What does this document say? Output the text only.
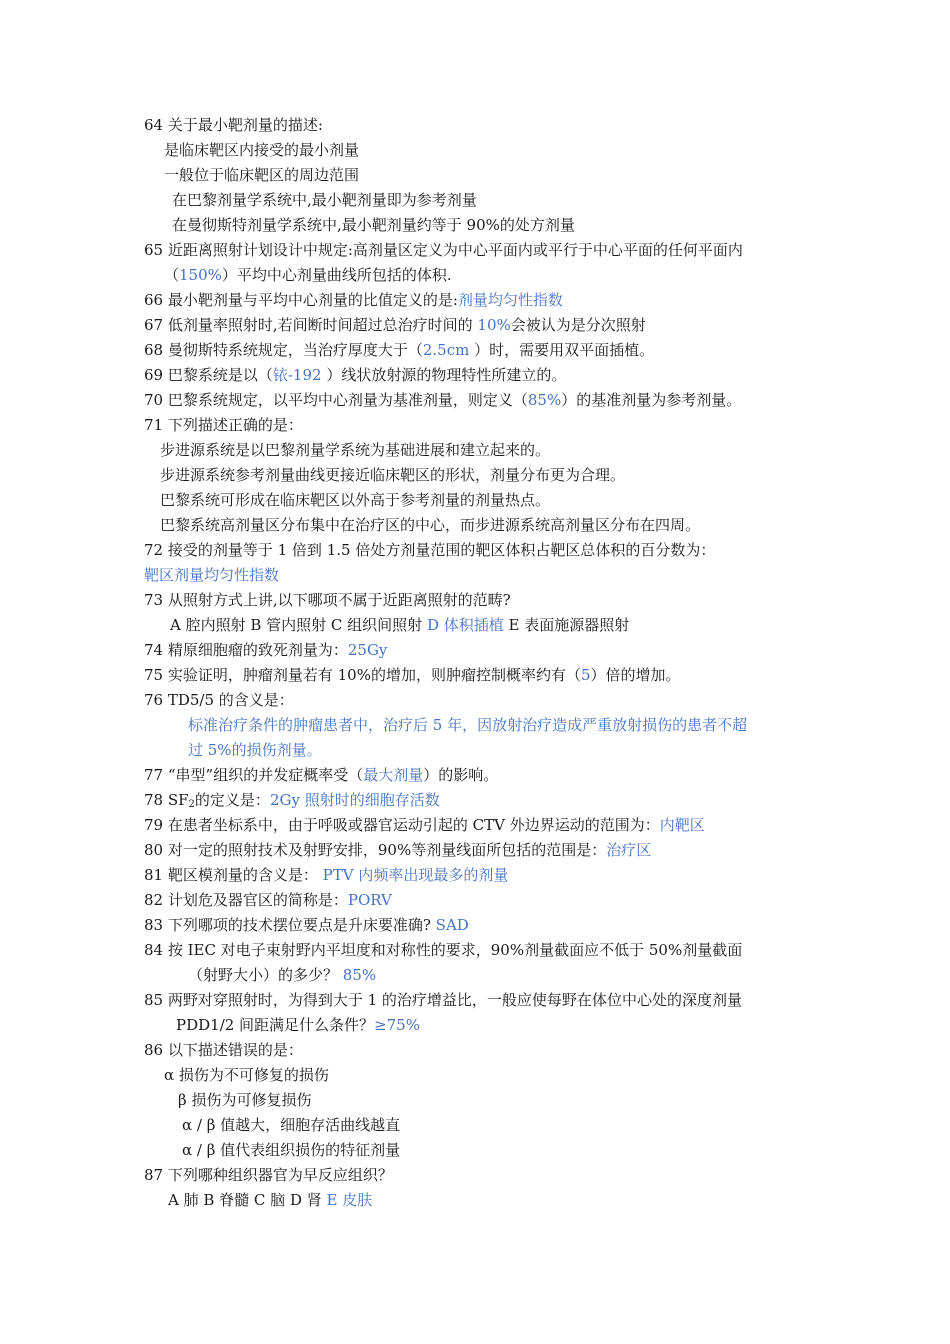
64 关于最小靶剂量的描述:
是临床靶区内接受的最小剂量
一般位于临床靶区的周边范围
在巴黎剂量学系统中,最小靶剂量即为参考剂量
在曼彻斯特剂量学系统中,最小靶剂量约等于 90%的处方剂量
65 近距离照射计划设计中规定:高剂量区定义为中心平面内或平行于中心平面的任何平面内
（150%）平均中心剂量曲线所包括的体积.
66 最小靶剂量与平均中心剂量的比值定义的是:剂量均匀性指数
67 低剂量率照射时,若间断时间超过总治疗时间的 10%会被认为是分次照射
68 曼彻斯特系统规定，当治疗厚度大于（2.5cm ）时，需要用双平面插植。
69 巴黎系统是以（铱-192 ）线状放射源的物理特性所建立的。
70 巴黎系统规定，以平均中心剂量为基准剂量，则定义（85%）的基准剂量为参考剂量。
71 下列描述正确的是：
步进源系统是以巴黎剂量学系统为基础进展和建立起来的。
步进源系统参考剂量曲线更接近临床靶区的形状，剂量分布更为合理。
巴黎系统可形成在临床靶区以外高于参考剂量的剂量热点。
巴黎系统高剂量区分布集中在治疗区的中心，而步进源系统高剂量区分布在四周。
72 接受的剂量等于 1 倍到 1.5 倍处方剂量范围的靶区体积占靶区总体积的百分数为：
靶区剂量均匀性指数
73 从照射方式上讲,以下哪项不属于近距离照射的范畴?
A 腔内照射 B 管内照射 C 组织间照射 D 体积插植 E 表面施源器照射
74 精原细胞瘤的致死剂量为：25Gy
75 实验证明，肿瘤剂量若有 10%的增加，则肿瘤控制概率约有（5）倍的增加。
76 TD5/5 的含义是：
标准治疗条件的肿瘤患者中，治疗后 5 年，因放射治疗造成严重放射损伤的患者不超
过 5%的损伤剂量。
77 “串型”组织的并发症概率受（最大剂量）的影响。
78 $SF_2$的定义是：2Gy 照射时的细胞存活数
79 在患者坐标系中，由于呼吸或器官运动引起的 CTV 外边界运动的范围为：内靶区
80 对一定的照射技术及射野安排，90%等剂量线面所包括的范围是：治疗区
81 靶区模剂量的含义是： PTV 内频率出现最多的剂量
82 计划危及器官区的简称是：PORV
83 下列哪项的技术摆位要点是升床要准确? SAD
84 按 IEC 对电子束射野内平坦度和对称性的要求，90%剂量截面应不低于 50%剂量截面
（射野大小）的多少？ 85%
85 两野对穿照射时，为得到大于 1 的治疗增益比，一般应使每野在体位中心处的深度剂量
PDD1/2 间距满足什么条件？≥75%
86 以下描述错误的是：
α 损伤为不可修复的损伤
β 损伤为可修复损伤
α / β 值越大，细胞存活曲线越直
α / β 值代表组织损伤的特征剂量
87 下列哪种组织器官为早反应组织？
A 肺 B 脊髓 C 脑 D 肾 E 皮肤
